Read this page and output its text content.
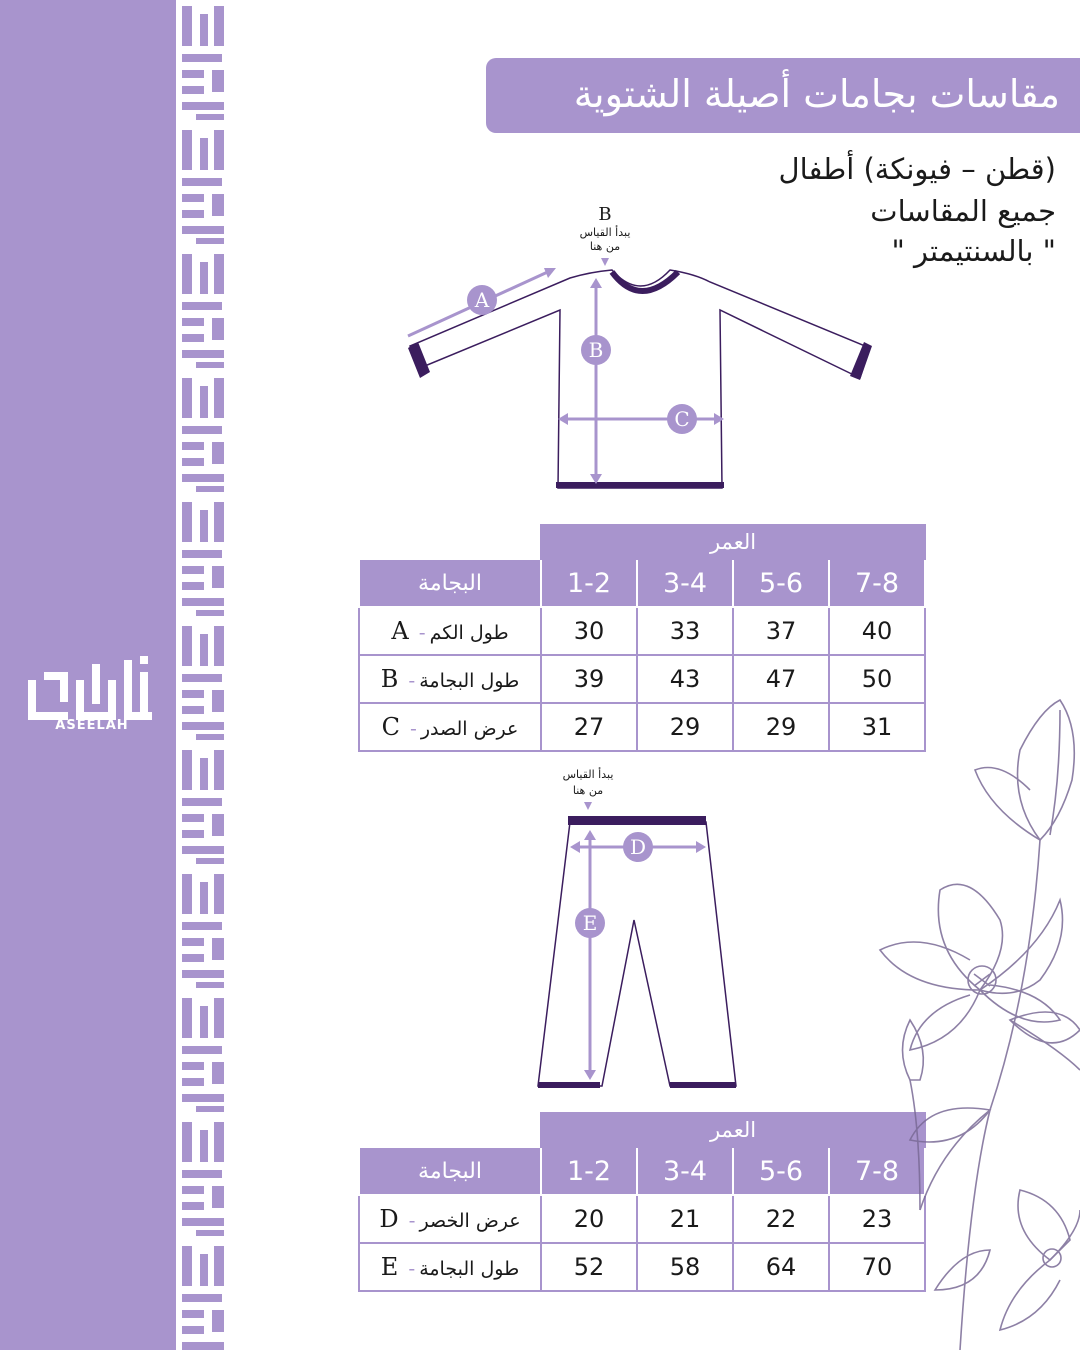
ASEELAH
مقاسات بجامات أصيلة الشتوية
(قطن – فيونكة) أطفال
جميع المقاسات
" بالسنتيمتر "
A
B
C
B
يبدأ القياس
من هنا
	العمر			
البجامة	1-2	3-4	5-6	7-8
طول الكم-A	30	33	37	40
طول البجامة-B	39	43	47	50
عرض الصدر-C	27	29	29	31
يبدأ القياس
من هنا
D
E
	العمر			
البجامة	1-2	3-4	5-6	7-8
عرض الخصر-D	20	21	22	23
طول البجامة-E	52	58	64	70
